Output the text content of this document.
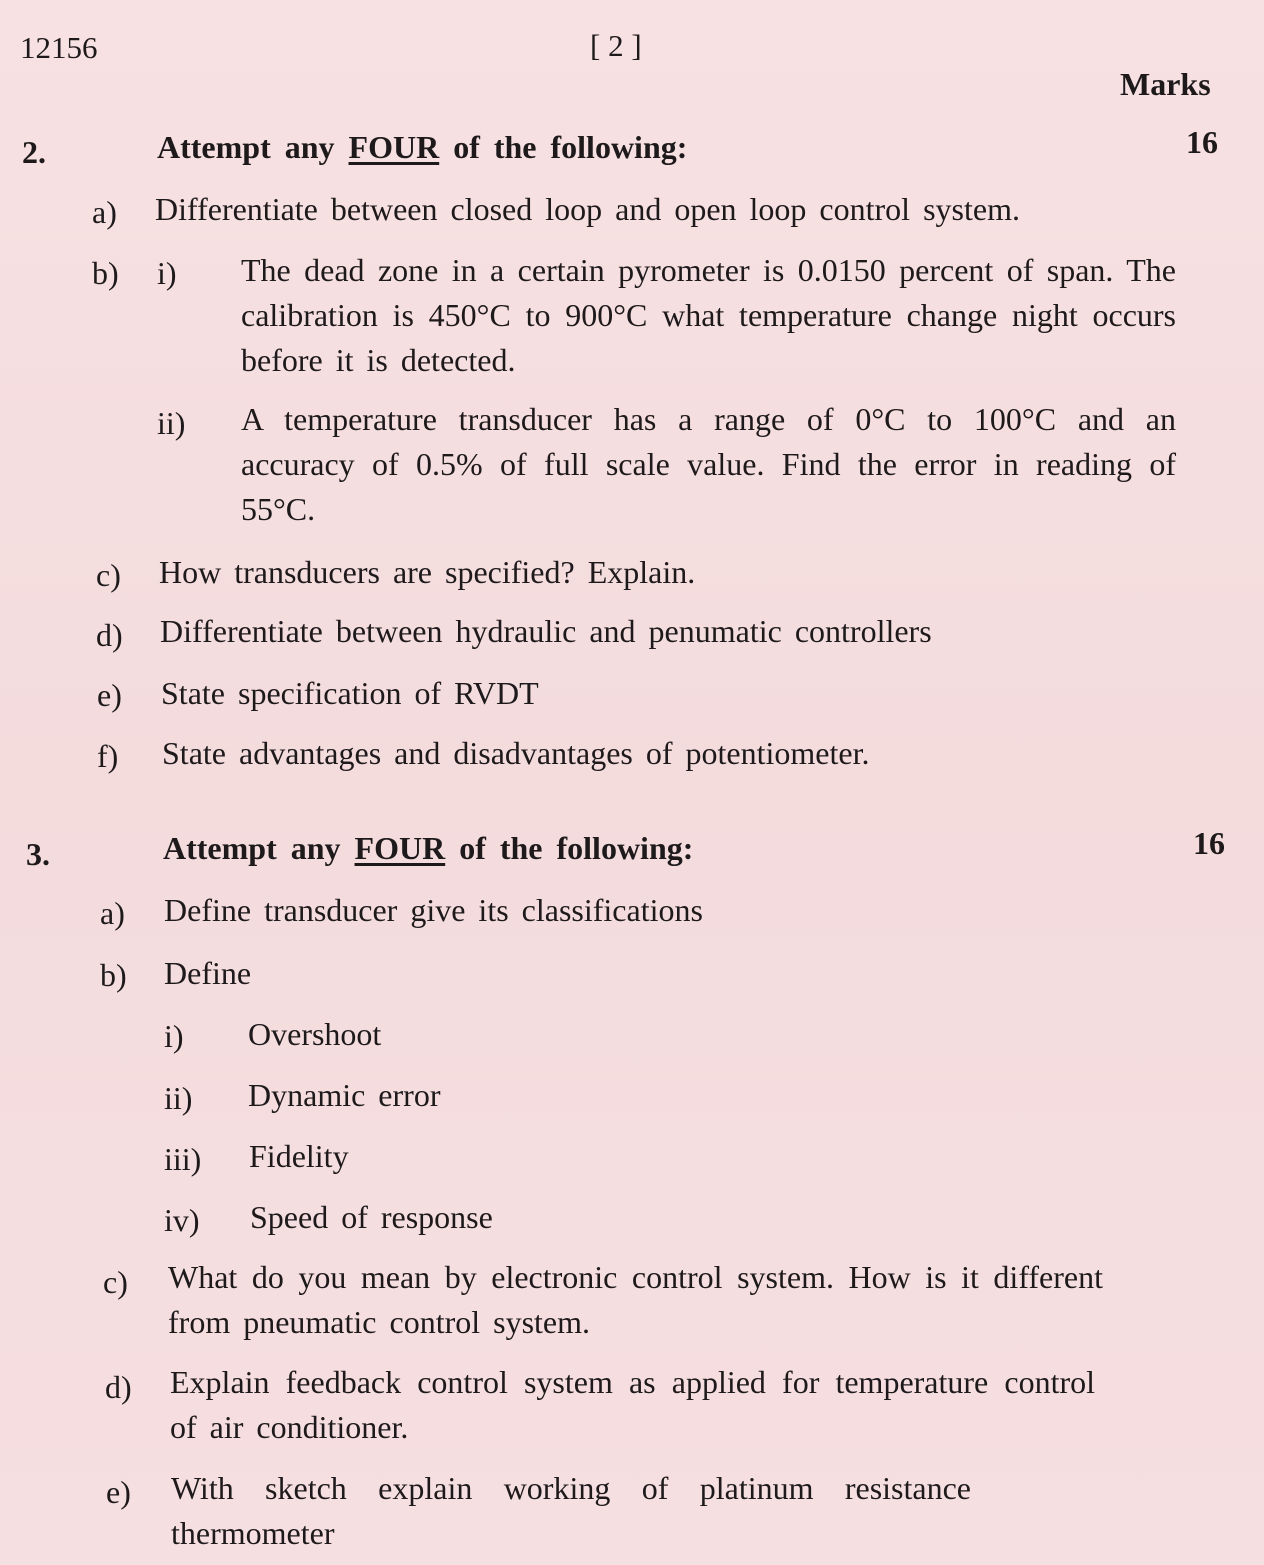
12156	[ 2 ]
Marks
2.	Attempt any FOUR of the following:	16
a) Differentiate between closed loop and open loop control system.
b) i) The dead zone in a certain pyrometer is 0.0150 percent of span. The calibration is 450°C to 900°C what temperature change night occurs before it is detected.
ii) A temperature transducer has a range of 0°C to 100°C and an accuracy of 0.5% of full scale value. Find the error in reading of 55°C.
c) How transducers are specified? Explain.
d) Differentiate between hydraulic and penumatic controllers
e) State specification of RVDT
f) State advantages and disadvantages of potentiometer.
3.	Attempt any FOUR of the following:	16
a) Define transducer give its classifications
b) Define
i) Overshoot
ii) Dynamic error
iii) Fidelity
iv) Speed of response
c) What do you mean by electronic control system. How is it different from pneumatic control system.
d) Explain feedback control system as applied for temperature control of air conditioner.
e) With sketch explain working of platinum resistance thermometer
